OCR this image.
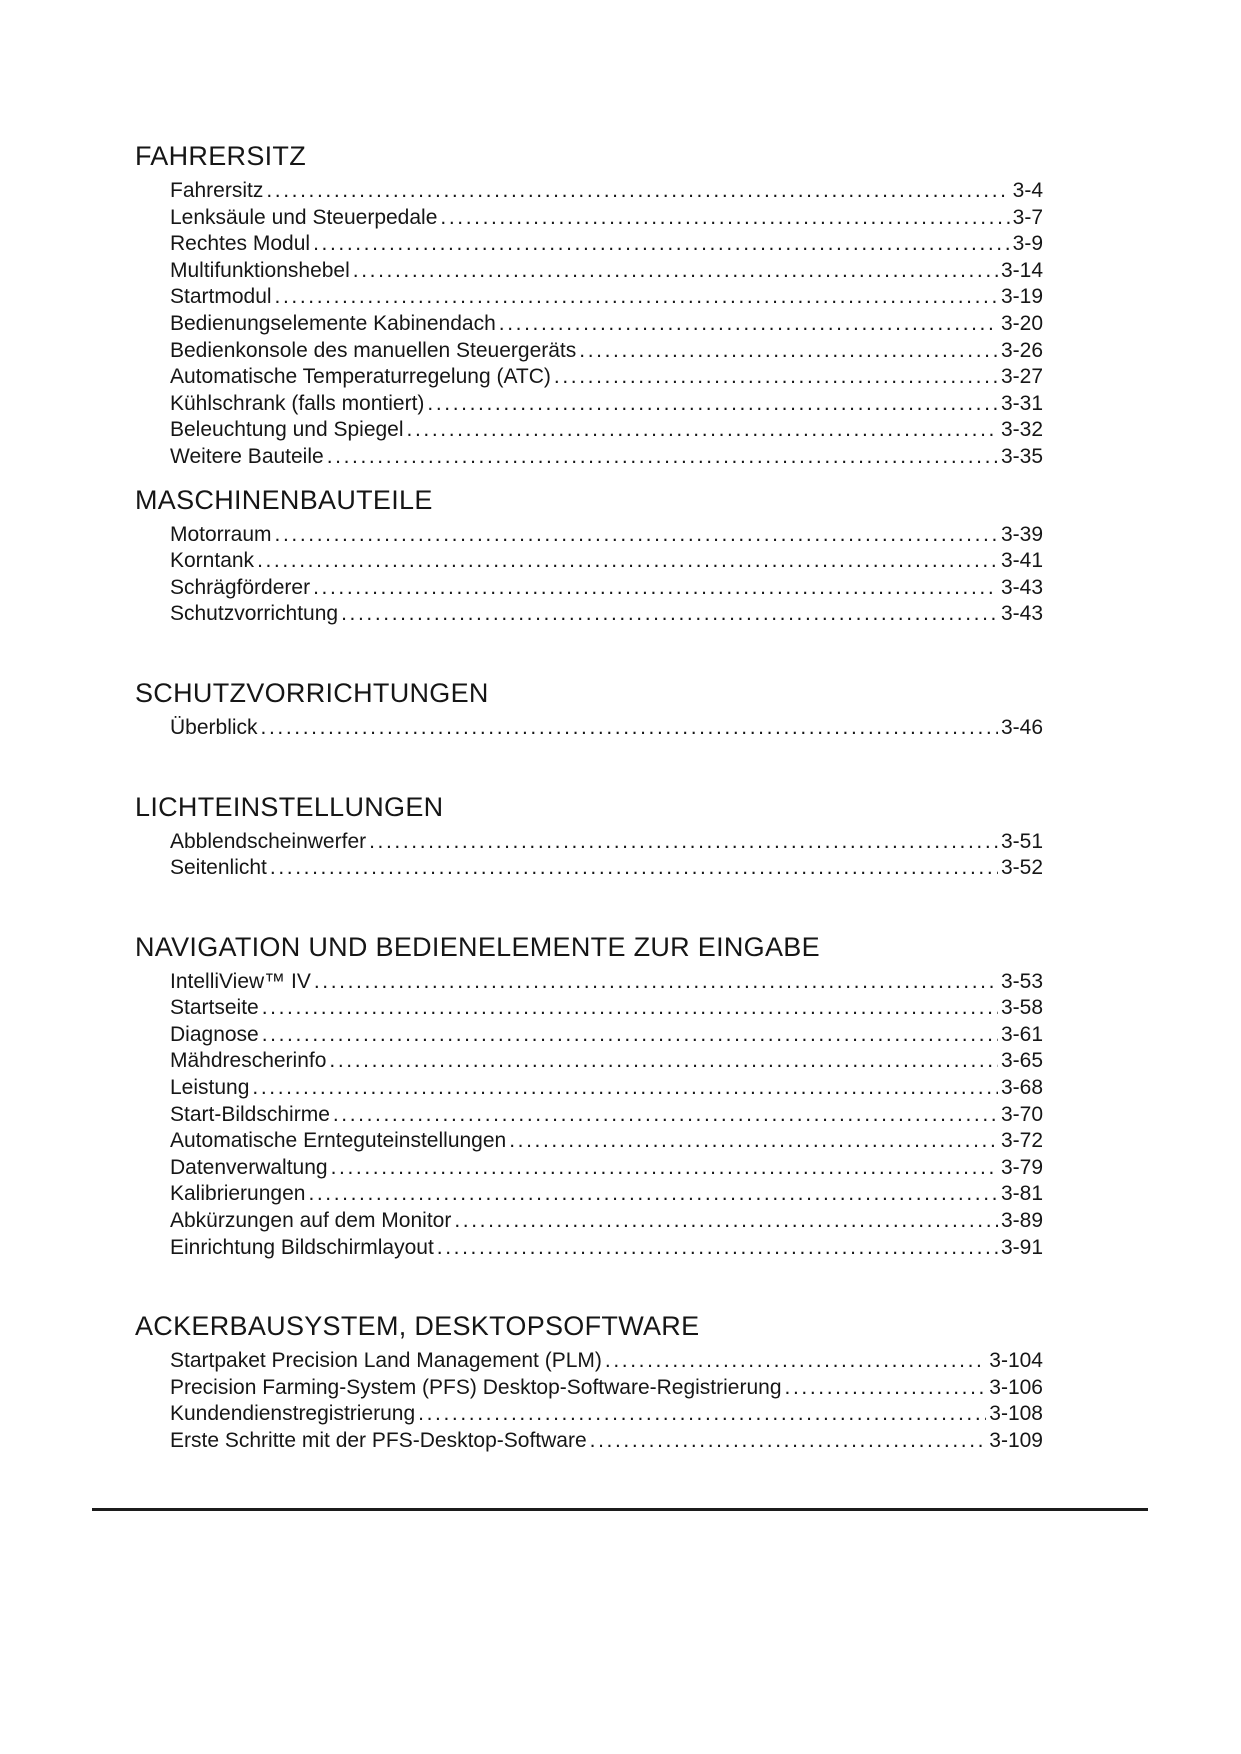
FAHRERSITZ
Fahrersitz .....	3-4
Lenksäule und Steuerpedale .....	3-7
Rechtes Modul .....	3-9
Multifunktionshebel .....	3-14
Startmodul .....	3-19
Bedienungselemente Kabinendach .....	3-20
Bedienkonsole des manuellen Steuergeräts .....	3-26
Automatische Temperaturregelung (ATC) .....	3-27
Kühlschrank (falls montiert) .....	3-31
Beleuchtung und Spiegel .....	3-32
Weitere Bauteile .....	3-35
MASCHINENBAUTEILE
Motorraum .....	3-39
Korntank .....	3-41
Schrägförderer .....	3-43
Schutzvorrichtung .....	3-43
SCHUTZVORRICHTUNGEN
Überblick .....	3-46
LICHTEINSTELLUNGEN
Abblendscheinwerfer .....	3-51
Seitenlicht .....	3-52
NAVIGATION UND BEDIENELEMENTE ZUR EINGABE
IntelliView™ IV .....	3-53
Startseite .....	3-58
Diagnose .....	3-61
Mähdrescherinfo .....	3-65
Leistung .....	3-68
Start-Bildschirme .....	3-70
Automatische Ernteguteinstellungen .....	3-72
Datenverwaltung .....	3-79
Kalibrierungen .....	3-81
Abkürzungen auf dem Monitor .....	3-89
Einrichtung Bildschirmlayout .....	3-91
ACKERBAUSYSTEM, DESKTOPSOFTWARE
Startpaket Precision Land Management (PLM) .....	3-104
Precision Farming-System (PFS) Desktop-Software-Registrierung .....	3-106
Kundendienstregistrierung .....	3-108
Erste Schritte mit der PFS-Desktop-Software .....	3-109
